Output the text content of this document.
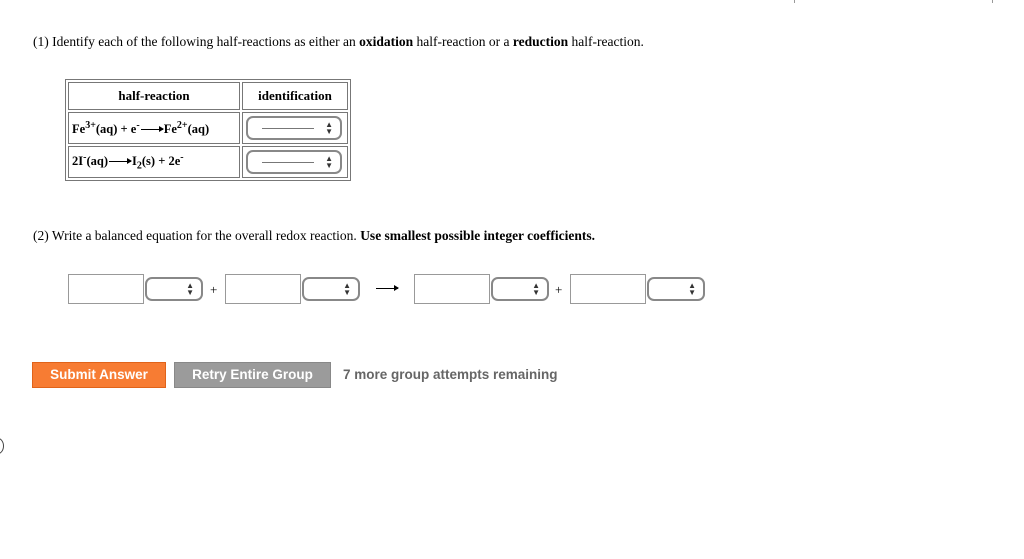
(1) Identify each of the following half-reactions as either an oxidation half-reaction or a reduction half-reaction.
half-reaction	identification
$Fe^{3+}(aq) + e^-$ $Fe^{2+}(aq)$	▲
▼

2I-(aq) $I_2(s) + 2e^-$	▲
▼
(2) Write a balanced equation for the overall redox reaction. Use smallest possible integer coefficients.
▲
▼ +	▲
▼
▲
▼ +	▲
▼
Submit Answer	Retry Entire Group	7 more group attempts remaining
